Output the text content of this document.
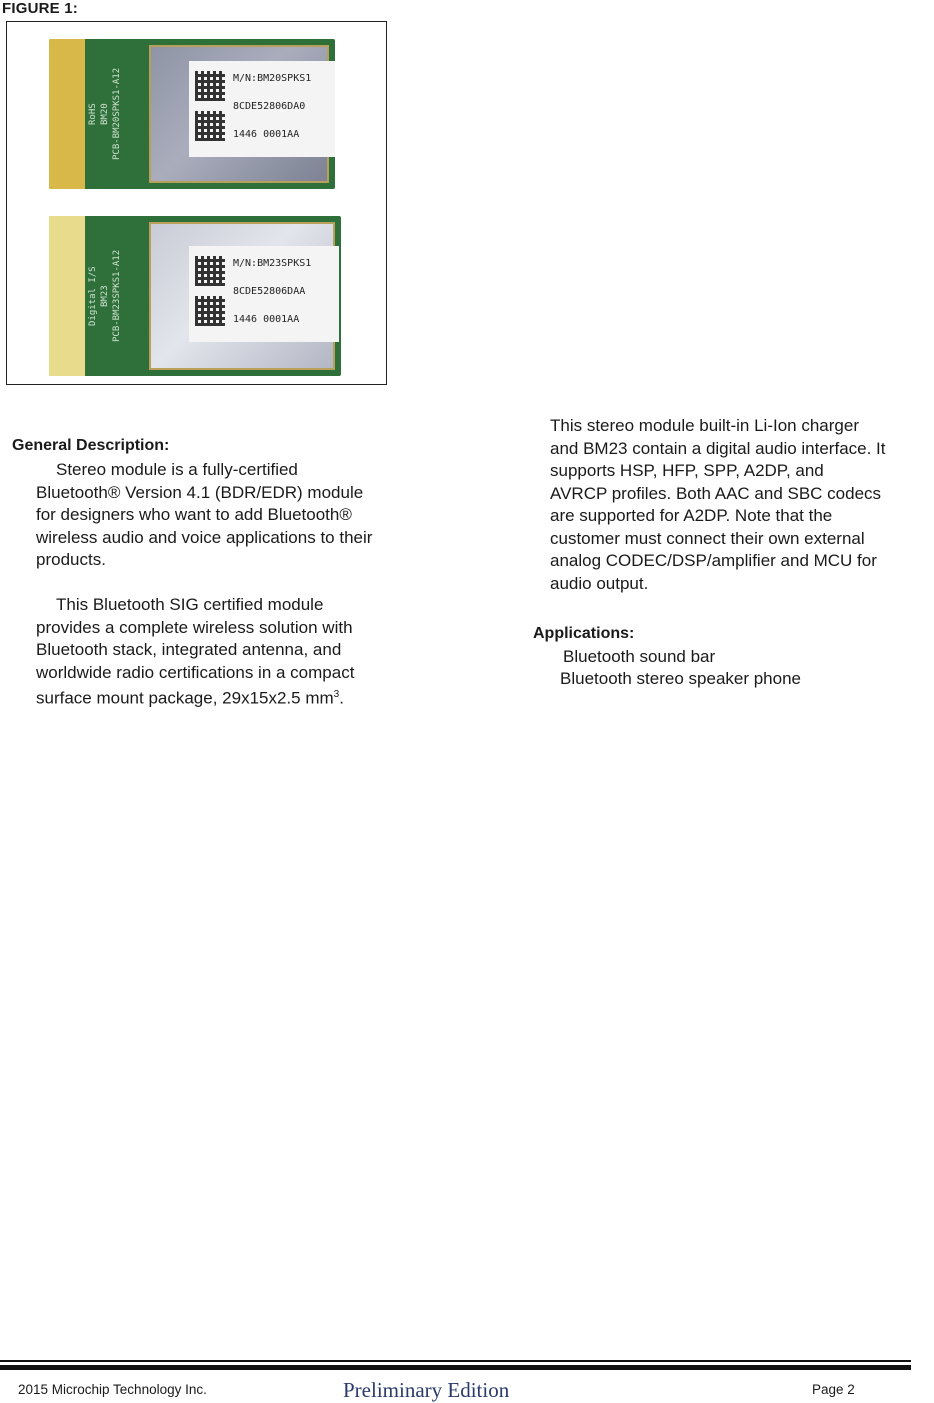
FIGURE 1:
RoHS BM20 PCB-BM20SPKS1-A12	M/N:BM20SPKS1
8CDE52806DA0
1446 0001AA
Digital I/S BM23 PCB-BM23SPKS1-A12	M/N:BM23SPKS1
8CDE52806DAA
1446 0001AA
General Description:
Stereo module is a fully-certified
Bluetooth® Version 4.1 (BDR/EDR) module
for designers who want to add Bluetooth®
wireless audio and voice applications to their
products.
This Bluetooth SIG certified module
provides a complete wireless solution with
Bluetooth stack, integrated antenna, and
worldwide radio certifications in a compact
surface mount package, 29x15x2.5 $mm^3$.
This stereo module built-in Li-Ion charger
and BM23 contain a digital audio interface. It
supports HSP, HFP, SPP, A2DP, and
AVRCP profiles. Both AAC and SBC codecs
are supported for A2DP. Note that the
customer must connect their own external
analog CODEC/DSP/amplifier and MCU for
audio output.
Applications:
Bluetooth sound bar
Bluetooth stereo speaker phone
2015 Microchip Technology Inc.	Preliminary Edition	Page 2
